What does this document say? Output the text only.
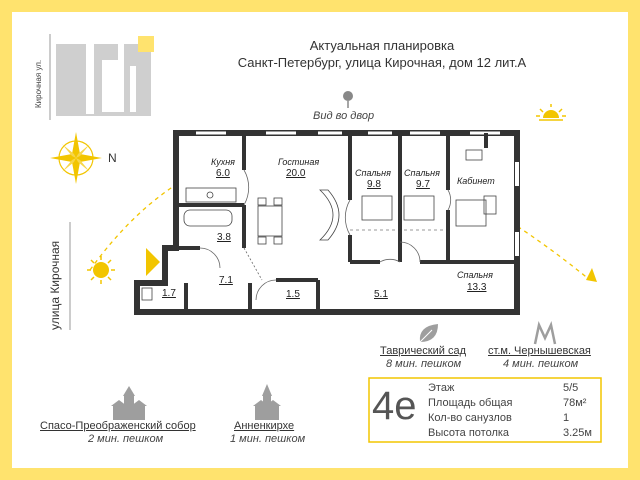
Актуальная планировка
Санкт-Петербург, улица Кирочная, дом 12 лит.А
Вид во двор
N
улица Кирочная
Кирочная ул.
Кухня
6.0
Гостиная
20.0	Спальня
9.8
Спальня
9.7	Кабинет
Спальня
13.3
3.8
7.1
1.7	1.5	5.1
Таврический сад
8 мин. пешком
ст.м. Чернышевская
4 мин. пешком
Спасо-Преображенский собор
2 мин. пешком
Анненкирхе
1 мин. пешком
4е Этаж	5/5
Площадь общая	78м²
Кол-во санузлов	1
Высота потолка	3.25м
